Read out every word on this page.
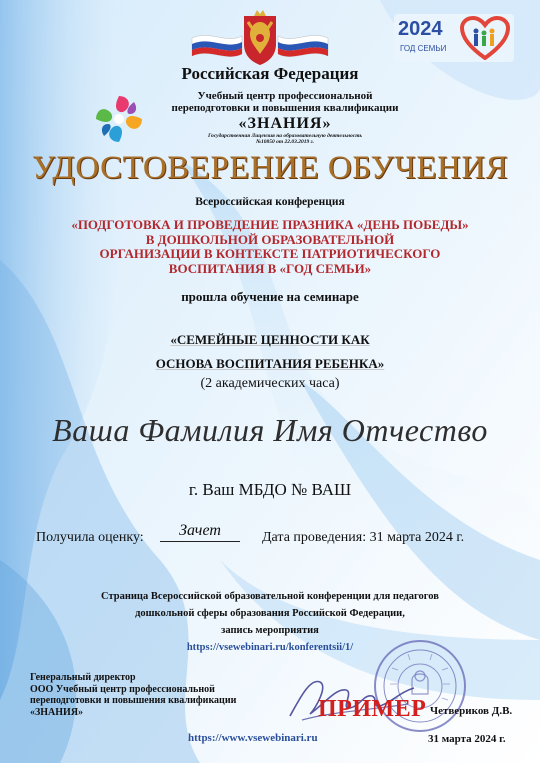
2024
ГОД СЕМЬИ
Российская Федерация
Учебный центр профессиональной
переподготовки и повышения квалификации
«ЗНАНИЯ»
Государственная Лицензия на образовательную деятельность
№10850 от 22.03.2019 г.
УДОСТОВЕРЕНИЕ ОБУЧЕНИЯ
Всероссийская конференция
«ПОДГОТОВКА И ПРОВЕДЕНИЕ ПРАЗНИКА «ДЕНЬ ПОБЕДЫ»
В ДОШКОЛЬНОЙ ОБРАЗОВАТЕЛЬНОЙ
ОРГАНИЗАЦИИ В КОНТЕКСТЕ ПАТРИОТИЧЕСКОГО
ВОСПИТАНИЯ В «ГОД СЕМЬИ»
прошла обучение на семинаре
«СЕМЕЙНЫЕ ЦЕННОСТИ КАК
ОСНОВА ВОСПИТАНИЯ РЕБЕНКА»
(2 академических часа)
Ваша Фамилия Имя Отчество
г. Ваш МБДО № ВАШ
Получила оценку:	Зачет	Дата проведения: 31 марта 2024 г.
Страница Всероссийской образовательной конференции для педагогов
дошкольной сферы образования Российской Федерации,
запись мероприятия
https://vsewebinari.ru/konferentsii/1/
Генеральный директор
ООО Учебный центр профессиональной
переподготовки и повышения квалификации
«ЗНАНИЯ»	ПРИМЕР Четвериков Д.В.
https://www.vsewebinari.ru	31 марта 2024 г.
